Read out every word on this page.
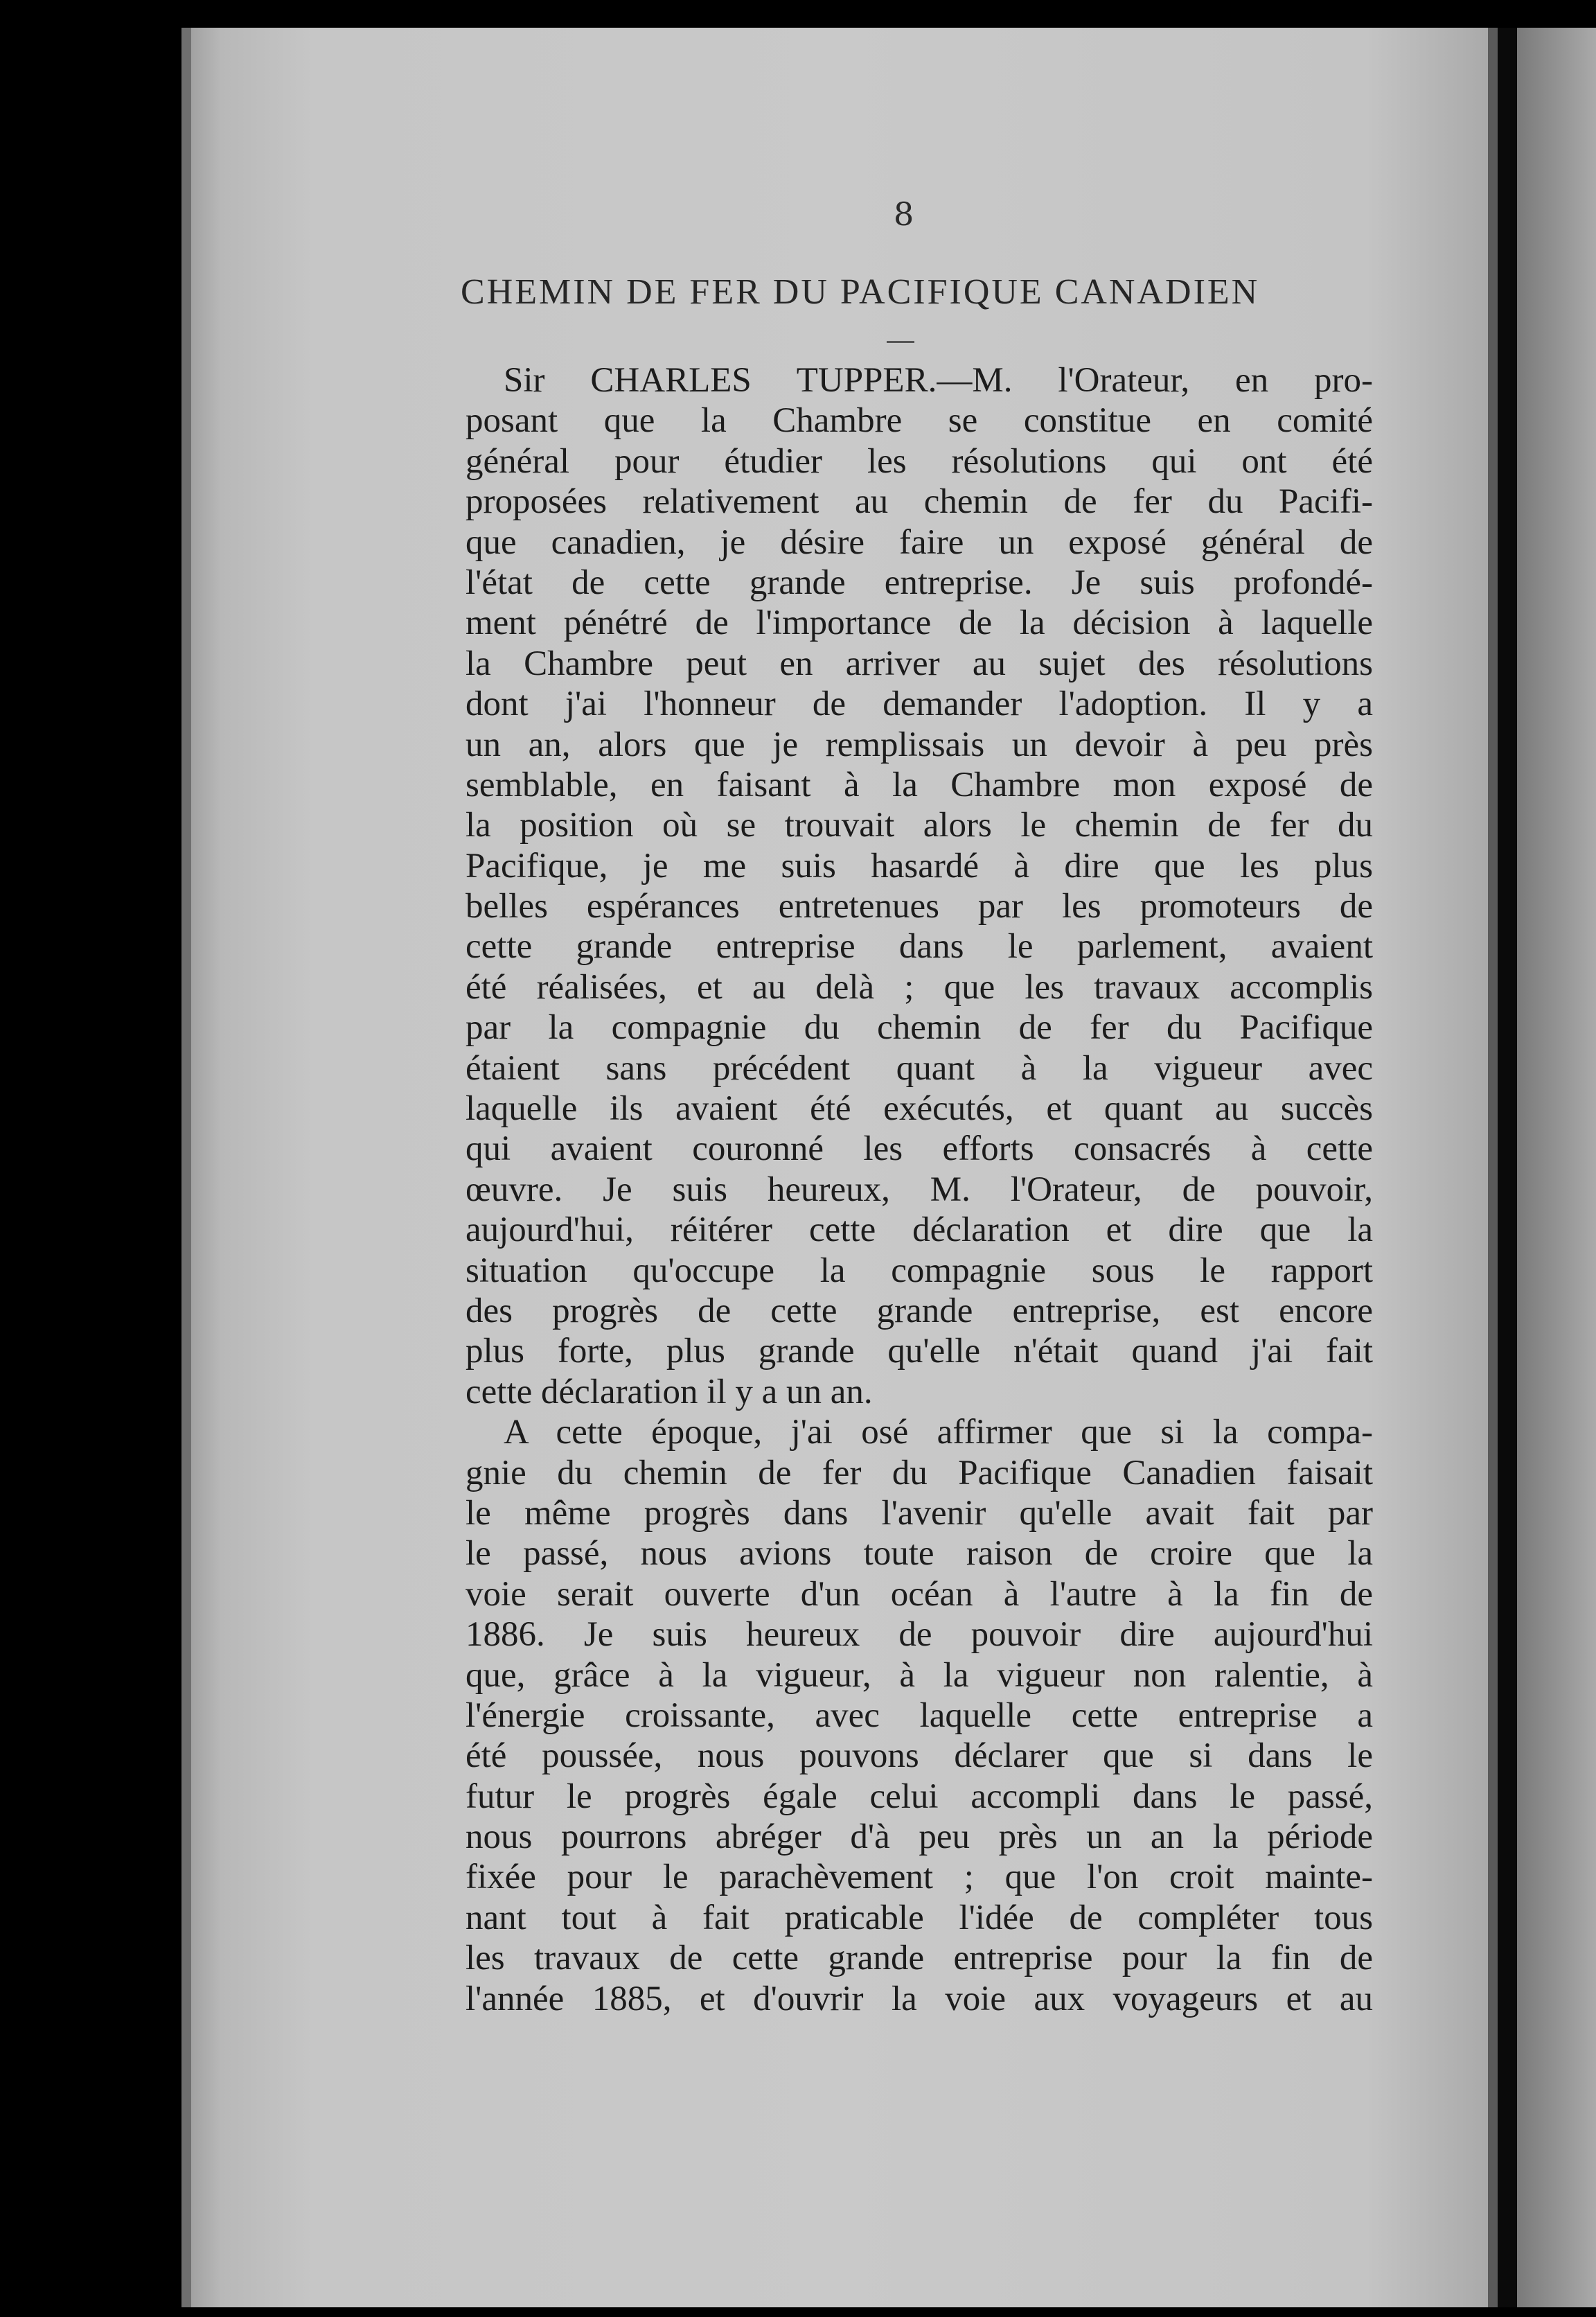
8
CHEMIN DE FER DU PACIFIQUE CANADIEN
Sir CHARLES TUPPER.—M. l'Orateur, en pro-
posant que la Chambre se constitue en comité
général pour étudier les résolutions qui ont été
proposées relativement au chemin de fer du Pacifi-
que canadien, je désire faire un exposé général de
l'état de cette grande entreprise. Je suis profondé-
ment pénétré de l'importance de la décision à laquelle
la Chambre peut en arriver au sujet des résolutions
dont j'ai l'honneur de demander l'adoption. Il y a
un an, alors que je remplissais un devoir à peu près
semblable, en faisant à la Chambre mon exposé de
la position où se trouvait alors le chemin de fer du
Pacifique, je me suis hasardé à dire que les plus
belles espérances entretenues par les promoteurs de
cette grande entreprise dans le parlement, avaient
été réalisées, et au delà ; que les travaux accomplis
par la compagnie du chemin de fer du Pacifique
étaient sans précédent quant à la vigueur avec
laquelle ils avaient été exécutés, et quant au succès
qui avaient couronné les efforts consacrés à cette
œuvre. Je suis heureux, M. l'Orateur, de pouvoir,
aujourd'hui, réitérer cette déclaration et dire que la
situation qu'occupe la compagnie sous le rapport
des progrès de cette grande entreprise, est encore
plus forte, plus grande qu'elle n'était quand j'ai fait
cette déclaration il y a un an.
A cette époque, j'ai osé affirmer que si la compa-
gnie du chemin de fer du Pacifique Canadien faisait
le même progrès dans l'avenir qu'elle avait fait par
le passé, nous avions toute raison de croire que la
voie serait ouverte d'un océan à l'autre à la fin de
1886. Je suis heureux de pouvoir dire aujourd'hui
que, grâce à la vigueur, à la vigueur non ralentie, à
l'énergie croissante, avec laquelle cette entreprise a
été poussée, nous pouvons déclarer que si dans le
futur le progrès égale celui accompli dans le passé,
nous pourrons abréger d'à peu près un an la période
fixée pour le parachèvement ; que l'on croit mainte-
nant tout à fait praticable l'idée de compléter tous
les travaux de cette grande entreprise pour la fin de
l'année 1885, et d'ouvrir la voie aux voyageurs et au
